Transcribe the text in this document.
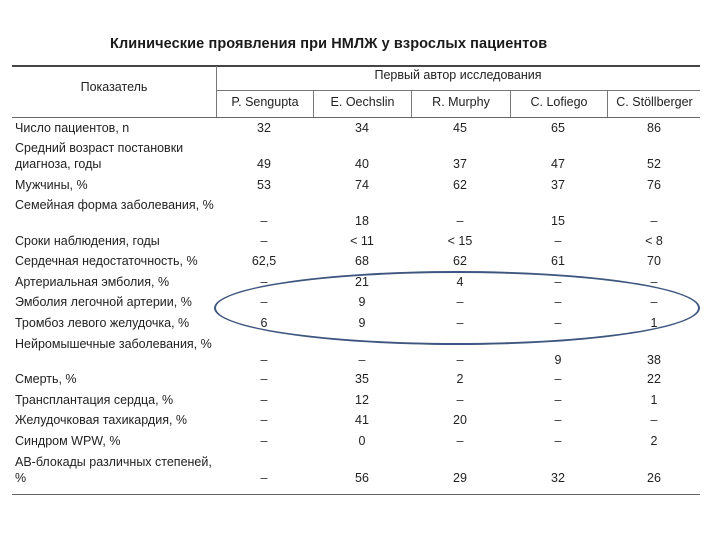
Клинические проявления при НМЛЖ у взрослых пациентов
Показатель
Первый автор исследования
P. Sengupta	E. Oechslin	R. Murphy	C. Lofiego	C. Stöllberger
Число пациентов, n	32	34	45	65	86
Средний возраст постановки диагноза, годы	49	40	37	47	52
Мужчины, %	53	74	62	37	76
Семейная форма заболевания, %
–	18	–	15	–
Сроки наблюдения, годы	–	< 11	< 15	–	< 8
Сердечная недостаточность, %	62,5	68	62	61	70
Артериальная эмболия, %	–	21	4	–	–
Эмболия легочной артерии, %	–	9	–	–	–
Тромбоз левого желудочка, %	6	9	–	–	1
Нейромышечные заболевания, %
–	–	–	9	38
Смерть, %	–	35	2	–	22
Трансплантация сердца, %	–	12	–	–	1
Желудочковая тахикардия, %	–	41	20	–	–
Синдром WPW, %	–	0	–	–	2
АВ-блокады различных степеней, %	–	56	29	32	26
